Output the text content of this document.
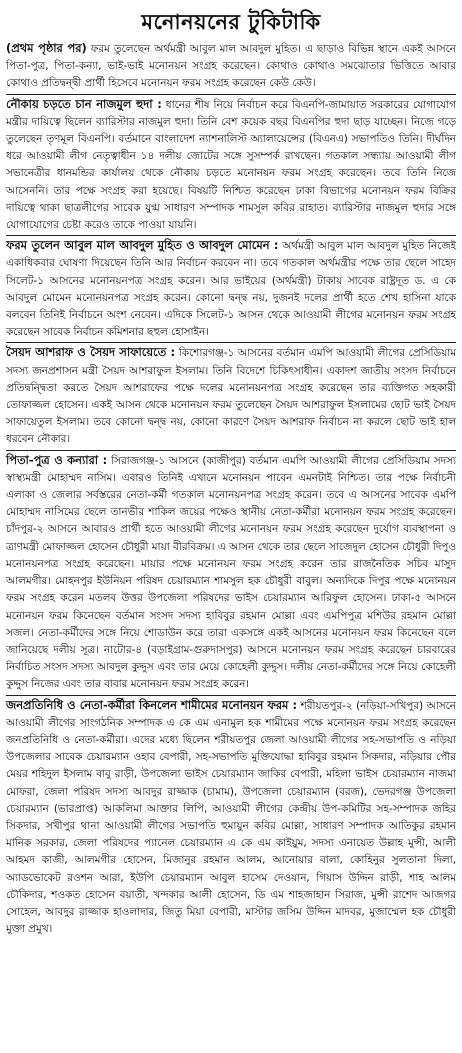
মনোনয়নের টুকিটাকি

(প্রথম পৃষ্ঠার পর) ফরম তুলেছেন অর্থমন্ত্রী আবুল মাল আবদুল মুহিত। এ ছাড়াও বিভিন্ন স্থানে একই আসনে পিতা-পুত্র, পিতা-কন্যা, ভাই-ভাই মনোনয়ন সংগ্রহ করেছেন। কোথাও কোথাও সমঝোতার ভিত্তিতে আবার কোথাও প্রতিদ্বন্দ্বী প্রার্থী হিসেবে মনোনয়ন ফরম সংগ্রহ করেছেন কেউ কেউ।

নৌকায় চড়তে চান নাজমুল হুদা : ধানের শীষ নিয়ে নির্বাচন করে বিএনপি-জামায়াত সরকারের যোগাযোগ মন্ত্রীর দায়িত্বে ছিলেন ব্যারিস্টার নাজমুল হুদা। তিনি বেশ কয়েক বছর বিএনপির হুদা ছাড় যাচ্ছেন। নিজে গড়ে তুলেছেন তৃণমূল বিএনপি। বর্তমানে বাংলাদেশ ন্যাশনালিস্ট অ্যালায়েন্সের (বিএনএ) সভাপতিও তিনি। দীর্ঘদিন ধরে আওয়ামী লীগ নেতৃত্বাধীন ১৪ দলীয় জোটের সঙ্গে সুসম্পর্ক রাখছেন। গতকাল সন্ধ্যায় আওয়ামী লীগ সভানেত্রীর ধানমন্ডির কার্যালয় থেকে নৌকায় চড়তে মনোনয়ন ফরম সংগ্রহ করেছেন। তবে তিনি নিজে আসেননি। তার পক্ষে সংগ্রহ করা হয়েছে। বিষয়টি নিশ্চিত করেছেন ঢাকা বিভাগের মনোনয়ন ফরম বিক্রির দায়িত্বে থাকা ছাত্রলীগের সাবেক যুগ্ম সাধারণ সম্পাদক শামসুল কবির রাহাত। ব্যারিস্টার নাজমুল হুদার সঙ্গে যোগাযোগের চেষ্টা করেও তাকে পাওয়া যায়নি।

ফরম তুলেন আবুল মাল আবদুল মুহিত ও আবদুল মোমেন : অর্থমন্ত্রী আবুল মাল আবদুল মুহিত নিজেই একাধিকবার ঘোষণা দিয়েছেন তিনি আর নির্বাচন করবেন না। তবে গতকাল অর্থমন্ত্রীর পক্ষে তার ছেলে সাহেদ সিলেট-১ আসনের মনোনয়নপত্র সংগ্রহ করেন। আর ভাইয়ের (অর্থমন্ত্রী) টাকায় সাবেক রাষ্ট্রদূত ড. এ কে আবদুল মোমেন মনোনয়নপত্র সংগ্রহ করেন। কোনো দ্বন্দ্ব নয়, দুজনই দলের প্রার্থী হতে শেখ হাসিনা যাকে বলবেন তিনিই নির্বাচনে অংশ নেবেন। এদিকে সিলেট-১ আসন থেকে আওয়ামী লীগের মনোনয়ন ফরম সংগ্রহ করেছেন সাবেক নির্বাচন কমিশনার ছহুল হোসাইন।

সৈয়দ আশরাফ ও সৈয়দ সাফায়েতে : কিশোরগঞ্জ-১ আসনের বর্তমান এমপি আওয়ামী লীগের প্রেসিডিয়াম সদস্য জনপ্রশাসন মন্ত্রী সৈয়দ আশরাফুল ইসলাম। তিনি বিদেশে চিকিৎসাধীন। একাদশ জাতীয় সংসদ নির্বাচনে প্রতিদ্বন্দ্বিতা করতে সৈয়দ আশরাফের পক্ষে দলের মনোনয়নপত্র সংগ্রহ করেছেন তার ব্যক্তিগত সহকারী তোফাজ্জল হোসেন। একই আসন থেকে মনোনয়ন ফরম তুলেছেন সৈয়দ আশরাফুল ইসলামের ছোট ভাই সৈয়দ সাফায়েতুল ইসলাম। তবে কোনো দ্বন্দ্ব নয়, কোনো কারণে সৈয়দ আশরাফ নির্বাচন না করলে ছোট ভাই হাল ধরবেন নৌকার।

পিতা-পুত্র ও কন্যারা : সিরাজগঞ্জ-১ আসনে (কাজীপুর) বর্তমান এমপি আওয়ামী লীগের প্রেসিডিয়াম সদস্য স্বাস্থ্যমন্ত্রী মোহাম্মদ নাসিম। এবারও তিনিই এখানে মনোনয়ন পাবেন এমনটাই নিশ্চিত। তার পক্ষে নির্বাচনী এলাকা ও জেলার সর্বস্তরের নেতা-কর্মী গতকাল মনোনয়নপত্র সংগ্রহ করেন। তবে এ আসনের সাবেক এমপি মোহাম্মদ নাসিমের ছেলে তানভীর শাকিল জয়ের পক্ষেও স্থানীয় নেতা-কর্মীরা মনোনয়ন ফরম সংগ্রহ করেছেন। চাঁদপুর-২ আসনে আবারও প্রার্থী হতে আওয়ামী লীগের মনোনয়ন ফরম সংগ্রহ করেছেন দুর্যোগ ব্যবস্থাপনা ও ত্রাণমন্ত্রী মোফাজ্জল হোসেন চৌধুরী মায়া বীরবিক্রম। এ আসন থেকে তার ছেলে সাজেদুল হোসেন চৌধুরী দিপুও মনোনয়নপত্র সংগ্রহ করেছেন। মায়ার পক্ষে মনোনয়ন ফরম সংগ্রহ করেন তার রাজনৈতিক সচিব মাসুদ আলমগীর। মোহনপুর ইউনিয়ন পরিষদ চেয়ারম্যান শামসুল হক চৌধুরী বাবুল। অন্যদিকে দিপুর পক্ষে মনোনয়ন ফরম সংগ্রহ করেন মতলব উত্তর উপজেলা পরিষদের ভাইস চেয়ারম্যান আরিফুল হোসেন। ঢাকা-৫ আসনে মনোনয়ন ফরম কিনেছেন বর্তমান সংসদ সদস্য হাবিবুর রহমান মোল্লা এবং এমপিপুত্র মশিউর রহমান মোল্লা সজল। নেতা-কর্মীদের সঙ্গে নিয়ে শোডাউন করে তারা একসঙ্গে একই আসনের মনোনয়ন ফরম কিনেছেন বলে জানিয়েছে দলীয় সূত্র। নাটোর-৪ (বড়াইগ্রাম-গুরুদাসপুর) আসনে মনোনয়ন ফরম সংগ্রহ করেছেন চারবারের নির্বাচিত সংসদ সদস্য আবদুল কুদ্দুস এবং তার মেয়ে কোহেলী কুদ্দুস। দলীয় নেতা-কর্মীদের সঙ্গে নিয়ে কোহেলী কুদ্দুস নিজের এবং তার বাবার মনোনয়ন ফরম সংগ্রহ করেন।

জনপ্রতিনিধি ও নেতা-কর্মীরা কিনলেন শামীমের মনোনয়ন ফরম : শরীয়তপুর-২ (নড়িয়া-সখিপুর) আসনে আওয়ামী লীগের সাংগঠনিক সম্পাদক এ কে এম এনামুল হক শামীমের পক্ষে মনোনয়ন ফরম সংগ্রহ করেছেন জনপ্রতিনিধি ও নেতা-কর্মীরা। এদের মধ্যে ছিলেন শরীয়তপুর জেলা আওয়ামী লীগের সহ-সভাপতি ও নড়িয়া উপজেলার সাবেক চেয়ারম্যান ওহাব বেপারী, সহ-সভাপতি মুক্তিযোদ্ধা হাবিবুর রহমান সিকদার, নড়িয়ার পৌর মেয়র শহিদুল ইসলাম বাবু রাড়ী, উপজেলা ভাইস চেয়ারম্যান জাকির বেপারী, মহিলা ভাইস চেয়ারম্যান নাজমা মোফরা, জেলা পরিষদ সদস্য আবদুর রাজ্জাক (চামাম), উপজেলা চেয়ারম্যান (বরজ), ভেদরগঞ্জ উপজেলা চেয়ারম্যান (ভারপ্রাপ্ত) আকলিমা আক্তার লিপি, আওয়ামী লীগের কেন্দ্রীয় উপ-কমিটির সহ-সম্পাদক জহির সিকদার, সখীপুর থানা আওয়ামী লীগের সভাপতি হুমায়ুন কবির মোল্লা, সাধারণ সম্পাদক আতিকুর রহমান মানিক সরকার, জেলা পরিষদের প্যানেল চেয়ারম্যান এ কে এম কাইয়ুম, সদস্য এনায়েত উল্লাহ মুন্সী, আলী আহমদ কাজী, আলমগীর হোসেন, মিজানুর রহমান আলম, আনোয়ার বালা, কোহিনুর সুলতানা দিলা, অ্যাডভোকেট রওশন আরা, ইউপি চেয়ারম্যান আবুল হাসেম দেওয়ান, গিয়াস উদ্দিন রাড়ী, শাহ আলম চৌকিদার, শওকত হোসেন বয়াতী, খন্দকার আলী হোসেন, ডি এম শাহজাহান সিরাজ, মুন্সী রাশেদ আজগর সোহেল, আবদুর রাজ্জাক হাওলাদার, জিতু মিয়া বেপারী, মাস্টার জসিম উদ্দিন মাদবর, মুজাম্মেল হক চৌধুরী মুক্তা প্রমুখ।
